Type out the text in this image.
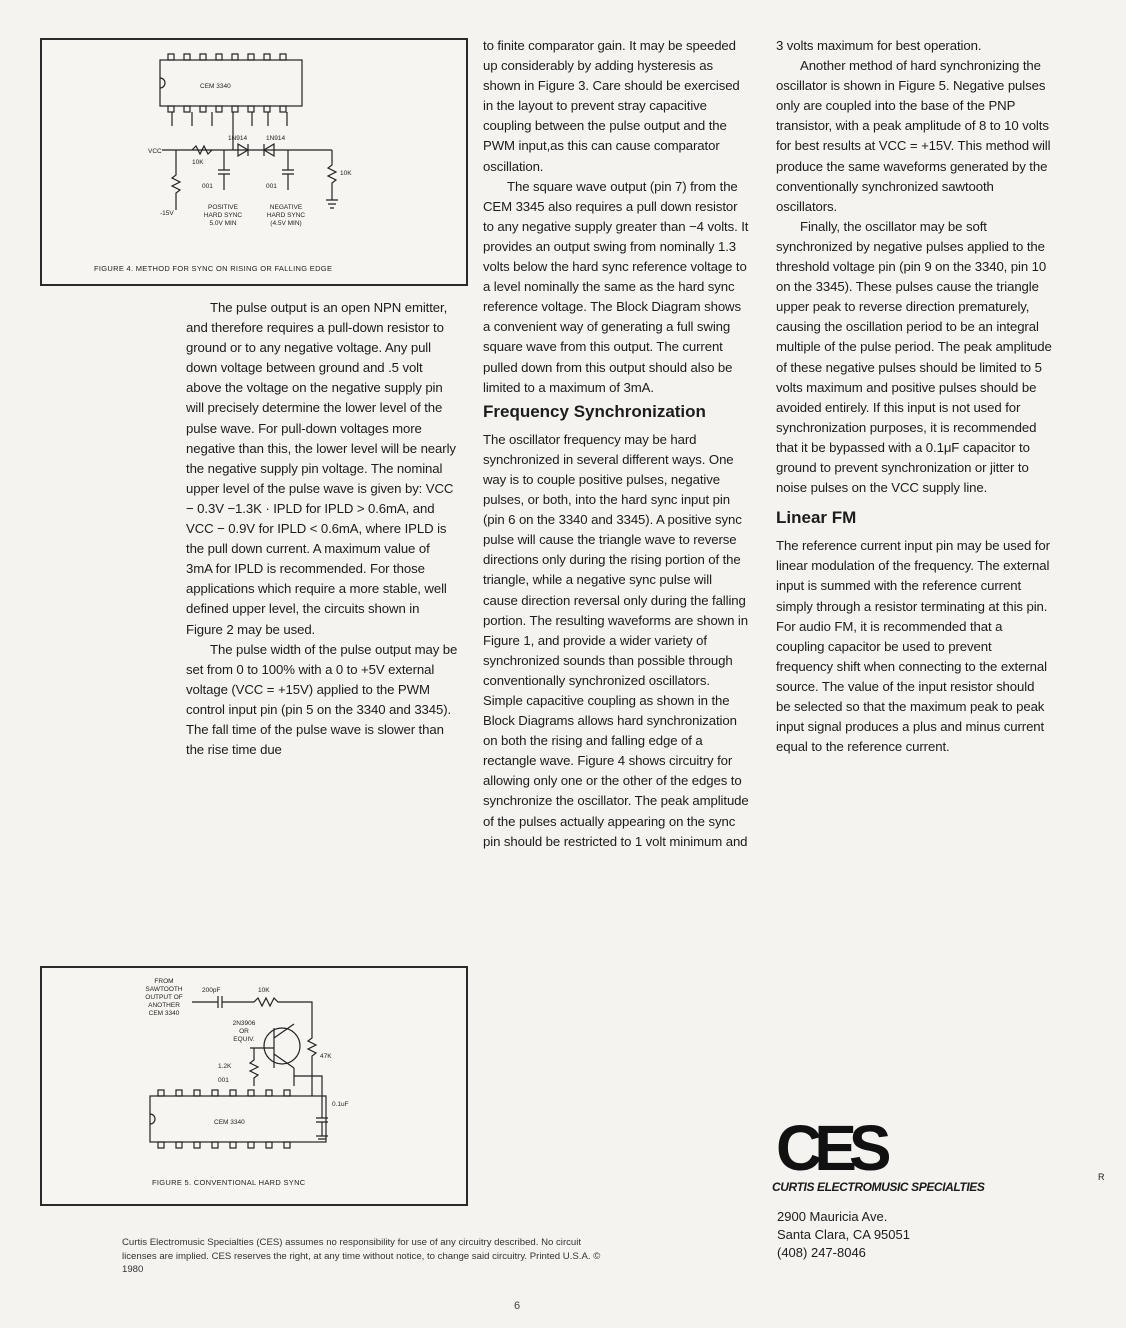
CEM 3340
VCC
10K
1N914	1N914
10K
001	001
-15V
POSITIVE HARD SYNC 5.0V MIN
NEGATIVE HARD SYNC (4.5V MIN)
FIGURE 4. METHOD FOR SYNC ON RISING OR FALLING EDGE
200pF	10K
47K
1.2K
001
0.1uF
CEM 3340
FROM SAWTOOTH OUTPUT OF ANOTHER CEM 3340
2N3906 OR EQUIV.
FIGURE 5. CONVENTIONAL HARD SYNC

The pulse output is an open NPN emitter, and therefore requires a pull-down resistor to ground or to any negative voltage. Any pull down voltage between ground and .5 volt above the voltage on the negative supply pin will precisely determine the lower level of the pulse wave. For pull-down voltages more negative than this, the lower level will be nearly the negative supply pin voltage. The nominal upper level of the pulse wave is given by: VCC − 0.3V −1.3K · IPLD for IPLD > 0.6mA, and VCC − 0.9V for IPLD < 0.6mA, where IPLD is the pull down current. A maximum value of 3mA for IPLD is recommended. For those applications which require a more stable, well defined upper level, the circuits shown in Figure 2 may be used.

The pulse width of the pulse output may be set from 0 to 100% with a 0 to +5V external voltage (VCC = +15V) applied to the PWM control input pin (pin 5 on the 3340 and 3345). The fall time of the pulse wave is slower than the rise time due

to finite comparator gain. It may be speeded up considerably by adding hysteresis as shown in Figure 3. Care should be exercised in the layout to prevent stray capacitive coupling between the pulse output and the PWM input,as this can cause comparator oscillation.

The square wave output (pin 7) from the CEM 3345 also requires a pull down resistor to any negative supply greater than −4 volts. It provides an output swing from nominally 1.3 volts below the hard sync reference voltage to a level nominally the same as the hard sync reference voltage. The Block Diagram shows a convenient way of generating a full swing square wave from this output. The current pulled down from this output should also be limited to a maximum of 3mA.

Frequency Synchronization

The oscillator frequency may be hard synchronized in several different ways. One way is to couple positive pulses, negative pulses, or both, into the hard sync input pin (pin 6 on the 3340 and 3345). A positive sync pulse will cause the triangle wave to reverse directions only during the rising portion of the triangle, while a negative sync pulse will cause direction reversal only during the falling portion. The resulting waveforms are shown in Figure 1, and provide a wider variety of synchronized sounds than possible through conventionally synchronized oscillators. Simple capacitive coupling as shown in the Block Diagrams allows hard synchronization on both the rising and falling edge of a rectangle wave. Figure 4 shows circuitry for allowing only one or the other of the edges to synchronize the oscillator. The peak amplitude of the pulses actually appearing on the sync pin should be restricted to 1 volt minimum and

3 volts maximum for best operation.

Another method of hard synchronizing the oscillator is shown in Figure 5. Negative pulses only are coupled into the base of the PNP transistor, with a peak amplitude of 8 to 10 volts for best results at VCC = +15V. This method will produce the same waveforms generated by the conventionally synchronized sawtooth oscillators.

Finally, the oscillator may be soft synchronized by negative pulses applied to the threshold voltage pin (pin 9 on the 3340, pin 10 on the 3345). These pulses cause the triangle upper peak to reverse direction prematurely, causing the oscillation period to be an integral multiple of the pulse period. The peak amplitude of these negative pulses should be limited to 5 volts maximum and positive pulses should be avoided entirely. If this input is not used for synchronization purposes, it is recommended that it be bypassed with a 0.1μF capacitor to ground to prevent synchronization or jitter to noise pulses on the VCC supply line.

Linear FM

The reference current input pin may be used for linear modulation of the frequency. The external input is summed with the reference current simply through a resistor terminating at this pin. For audio FM, it is recommended that a coupling capacitor be used to prevent frequency shift when connecting to the external source. The value of the input resistor should be selected so that the maximum peak to peak input signal produces a plus and minus current equal to the reference current.

CES	R
CURTIS ELECTROMUSIC SPECIALTIES
2900 Mauricia Ave.
Santa Clara, CA 95051
(408) 247-8046
Curtis Electromusic Specialties (CES) assumes no responsibility for use of any circuitry described. No circuit licenses are implied. CES reserves the right, at any time without notice, to change said circuitry. Printed U.S.A. © 1980
6
